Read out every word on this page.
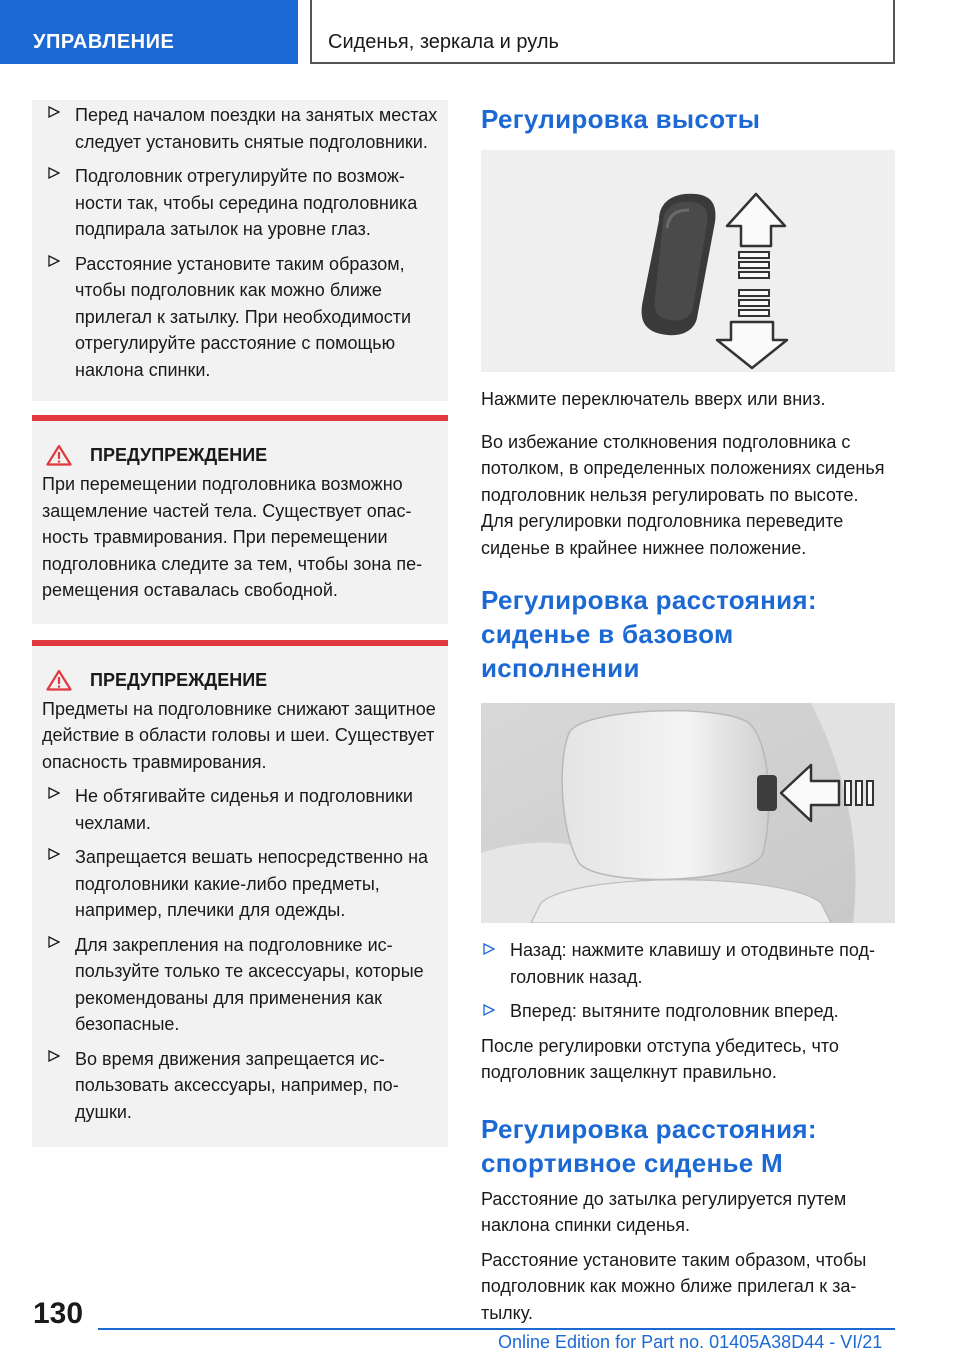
УПРАВЛЕНИЕ	Сиденья, зеркала и руль
Перед началом поездки на занятых местах следует установить снятые подголовники.
Подголовник отрегулируйте по возможности так, чтобы середина подголовника подпирала затылок на уровне глаз.
Расстояние установите таким образом, чтобы подголовник как можно ближе прилегал к затылку. При необходимости отрегулируйте расстояние с помощью наклона спинки.
ПРЕДУПРЕЖДЕНИЕ
При перемещении подголовника возможно защемление частей тела. Существует опасность травмирования. При перемещении подголовника следите за тем, чтобы зона перемещения оставалась свободной.
ПРЕДУПРЕЖДЕНИЕ
Предметы на подголовнике снижают защитное действие в области головы и шеи. Существует опасность травмирования.
Не обтягивайте сиденья и подголовники чехлами.
Запрещается вешать непосредственно на подголовники какие-либо предметы, например, плечики для одежды.
Для закрепления на подголовнике используйте только те аксессуары, которые рекомендованы для применения как безопасные.
Во время движения запрещается использовать аксессуары, например, подушки.
Регулировка высоты
Нажмите переключатель вверх или вниз.
Во избежание столкновения подголовника с потолком, в определенных положениях сиденья подголовник нельзя регулировать по высоте. Для регулировки подголовника переведите сиденье в крайнее нижнее положение.
Регулировка расстояния: сиденье в базовом исполнении
Назад: нажмите клавишу и отодвиньте подголовник назад.
Вперед: вытяните подголовник вперед.
После регулировки отступа убедитесь, что подголовник защелкнут правильно.
Регулировка расстояния: спортивное сиденье M
Расстояние до затылка регулируется путем наклона спинки сиденья.
Расстояние установите таким образом, чтобы подголовник как можно ближе прилегал к затылку.
130
Online Edition for Part no. 01405A38D44 - VI/21
